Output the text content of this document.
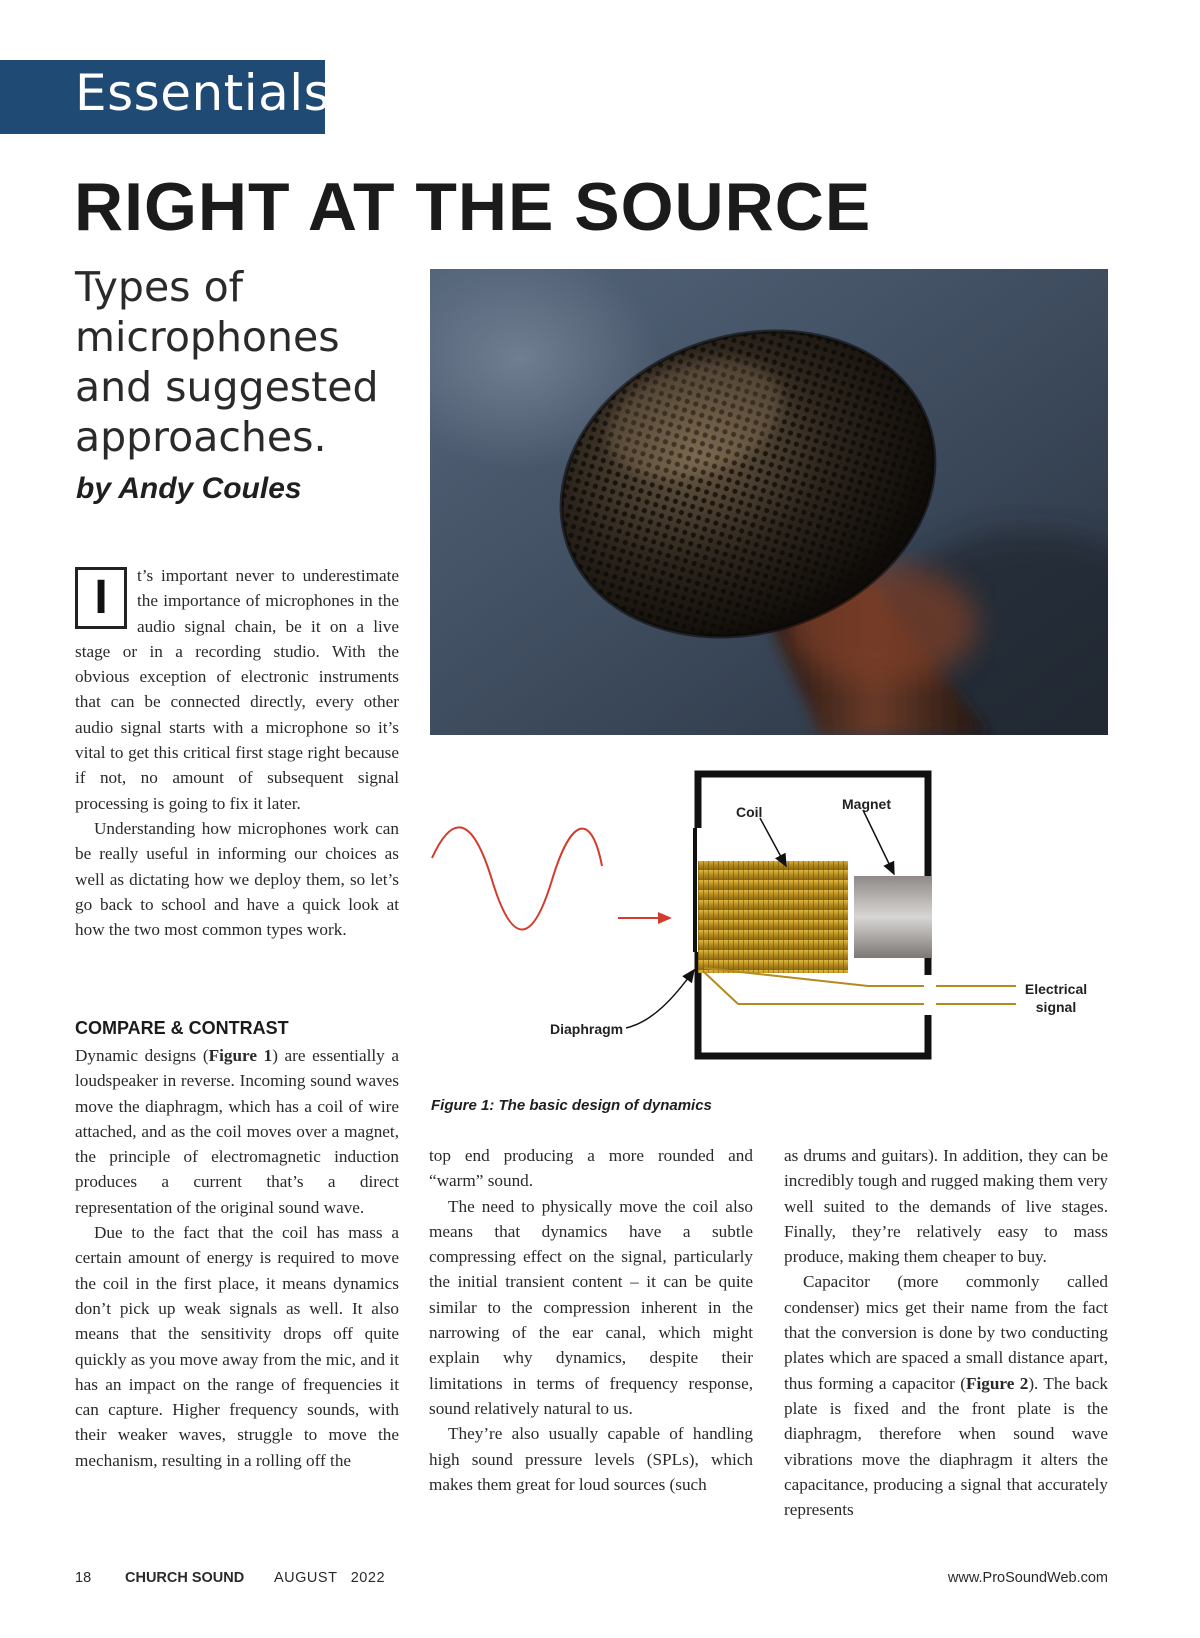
Essentials
RIGHT AT THE SOURCE
Types of microphones and suggested approaches.
by Andy Coules
I	t’s important never to underestimate the importance of microphones in the audio signal chain, be it on a live stage or in a recording studio. With the obvious exception of electronic instruments that can be connected directly, every other audio signal starts with a microphone so it’s vital to get this critical first stage right because if not, no amount of subsequent signal processing is going to fix it later.

Understanding how microphones work can be really useful in informing our choices as well as dictating how we deploy them, so let’s go back to school and have a quick look at how the two most common types work.

COMPARE & CONTRAST

Dynamic designs (Figure 1) are essentially a loudspeaker in reverse. Incoming sound waves move the diaphragm, which has a coil of wire attached, and as the coil moves over a magnet, the principle of electromagnetic induction produces a current that’s a direct representation of the original sound wave.

Due to the fact that the coil has mass a certain amount of energy is required to move the coil in the first place, it means dynamics don’t pick up weak signals as well. It also means that the sensitivity drops off quite quickly as you move away from the mic, and it has an impact on the range of frequencies it can capture. Higher frequency sounds, with their weaker waves, struggle to move the mechanism, resulting in a rolling off the

Coil	Magnet
Diaphragm
Electrical
signal
Figure 1: The basic design of dynamics

top end producing a more rounded and “warm” sound.

The need to physically move the coil also means that dynamics have a subtle compressing effect on the signal, particularly the initial transient content – it can be quite similar to the compression inherent in the narrowing of the ear canal, which might explain why dynamics, despite their limitations in terms of frequency response, sound relatively natural to us.

They’re also usually capable of handling high sound pressure levels (SPLs), which makes them great for loud sources (such

as drums and guitars). In addition, they can be incredibly tough and rugged making them very well suited to the demands of live stages. Finally, they’re relatively easy to mass produce, making them cheaper to buy.

Capacitor (more commonly called condenser) mics get their name from the fact that the conversion is done by two conducting plates which are spaced a small distance apart, thus forming a capacitor (Figure 2). The back plate is fixed and the front plate is the diaphragm, therefore when sound wave vibrations move the diaphragm it alters the capacitance, producing a signal that accurately represents

18 CHURCH SOUND AUGUST   2022	www.ProSoundWeb.com
